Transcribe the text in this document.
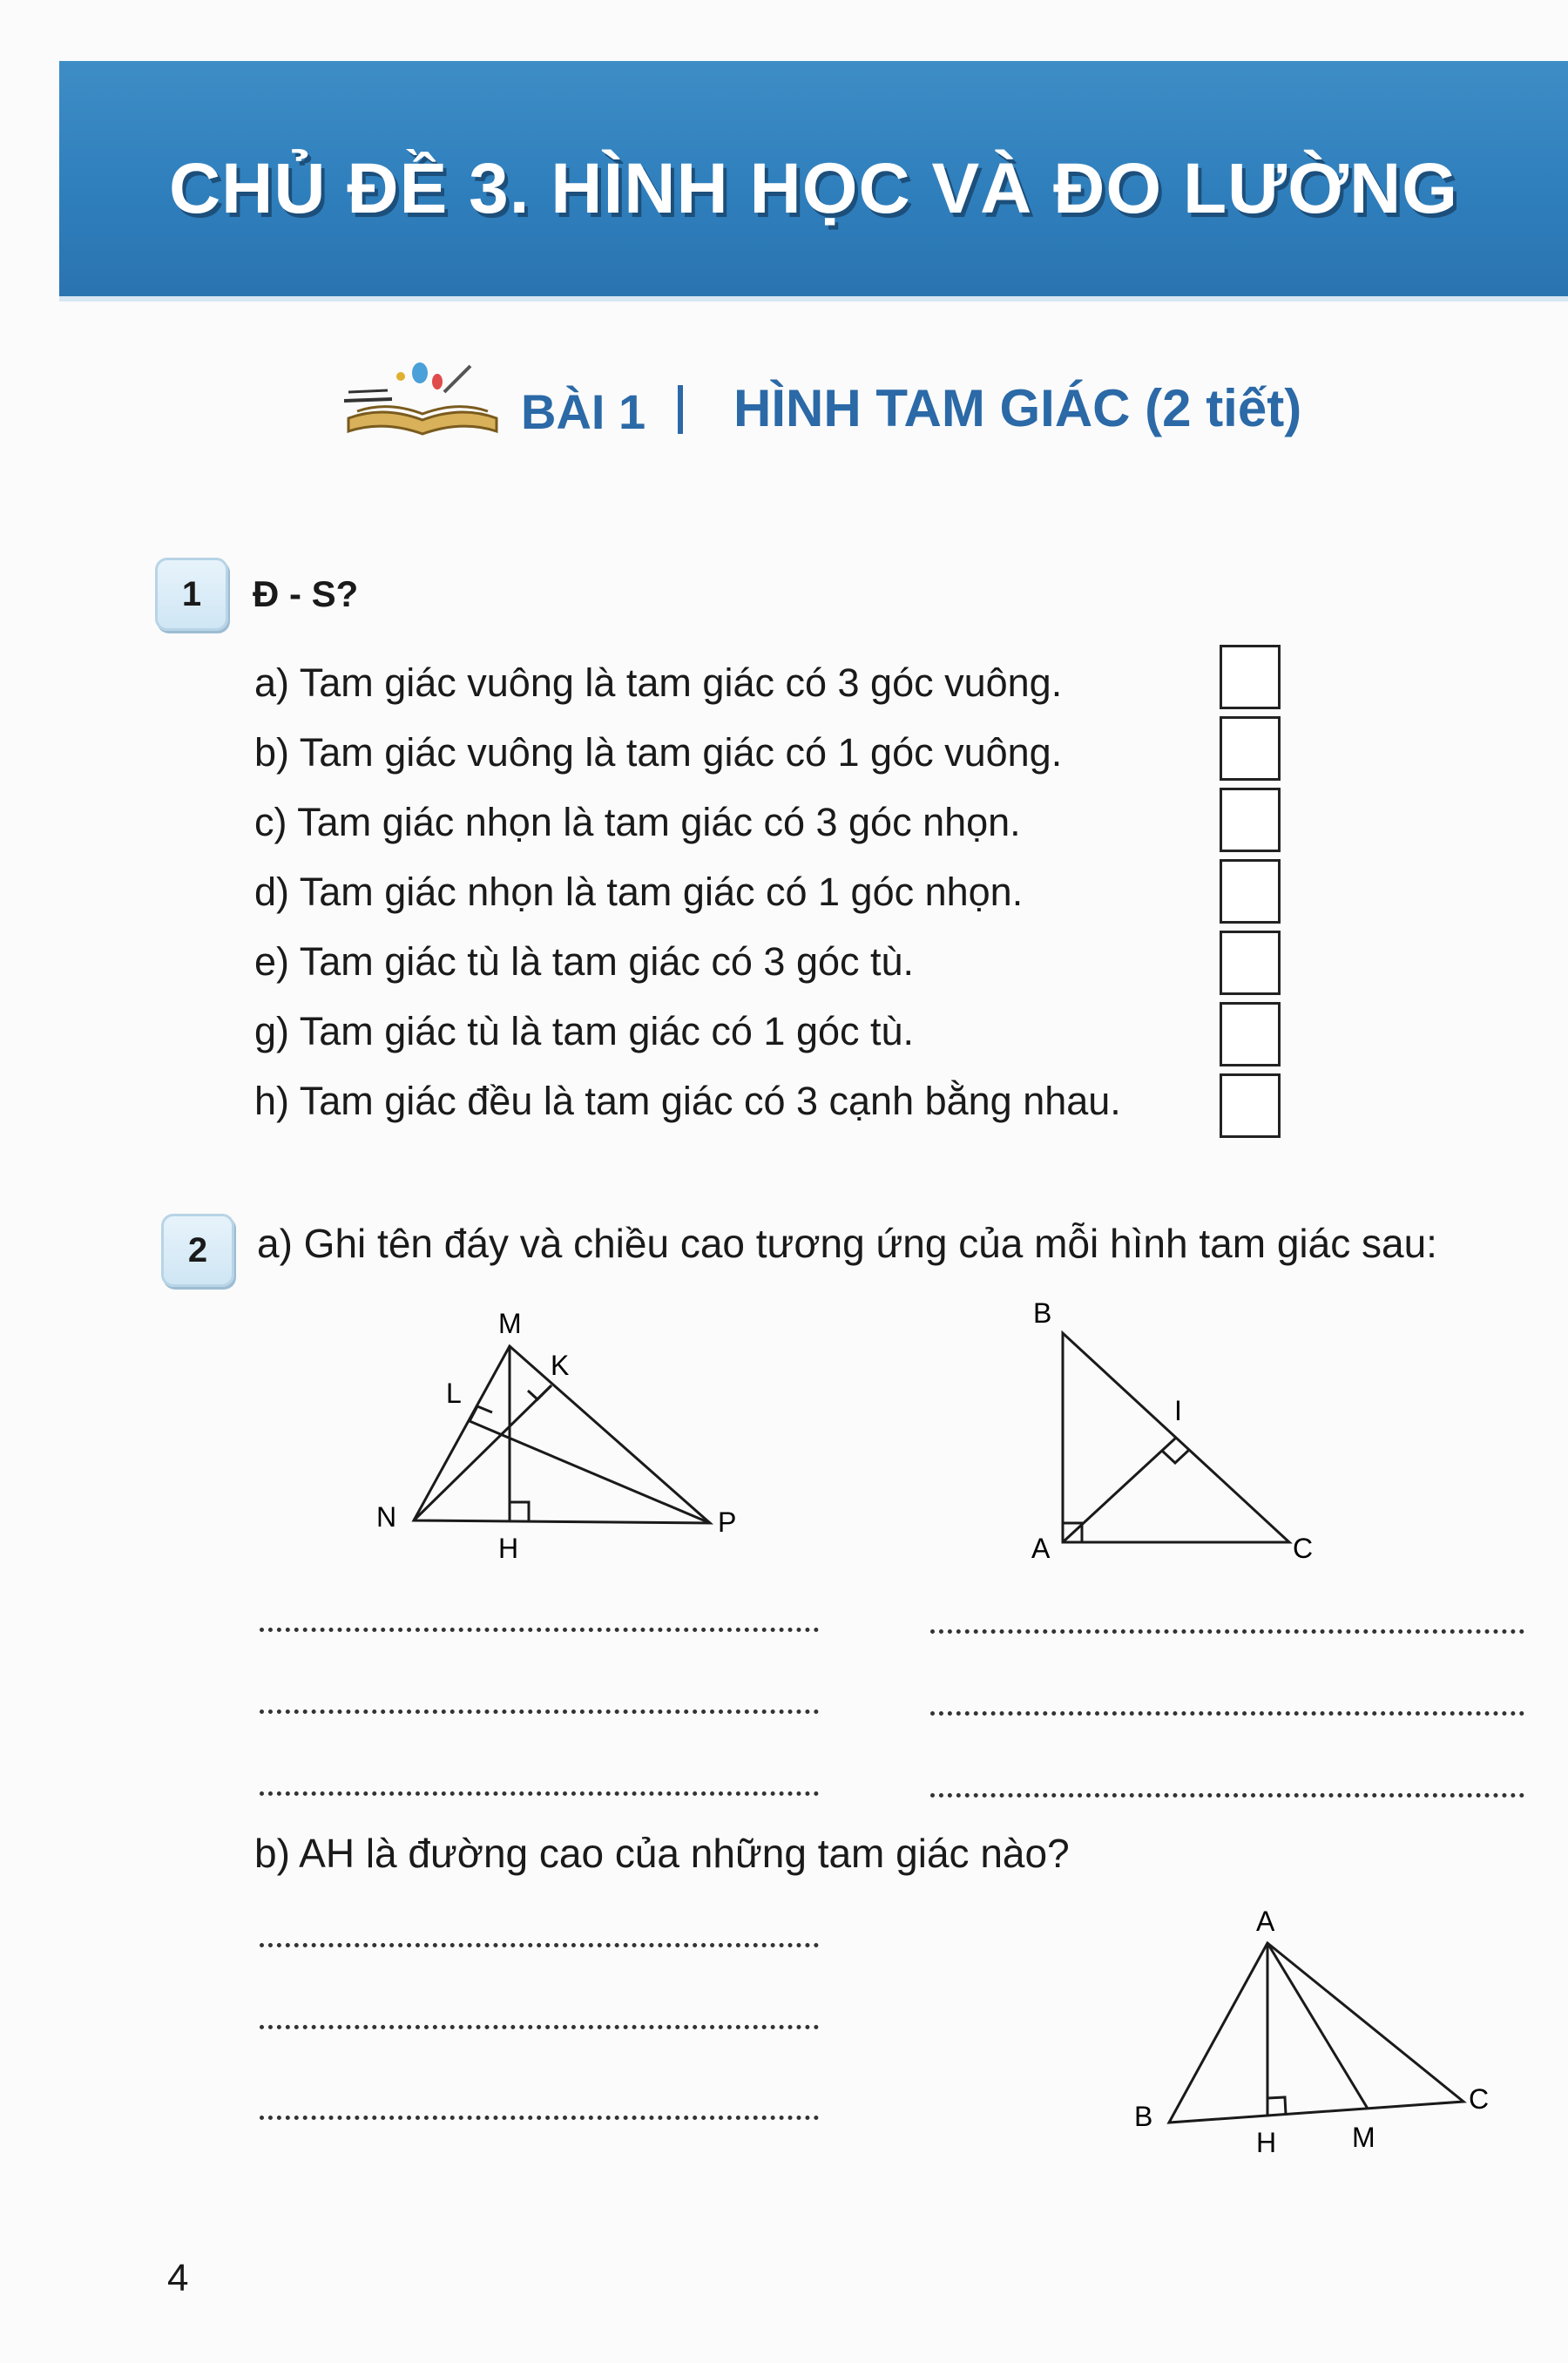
CHỦ ĐỀ 3. HÌNH HỌC VÀ ĐO LƯỜNG
BÀI 1 HÌNH TAM GIÁC (2 tiết)
1	Đ - S?
a) Tam giác vuông là tam giác có 3 góc vuông.
b) Tam giác vuông là tam giác có 1 góc vuông.
c) Tam giác nhọn là tam giác có 3 góc nhọn.
d) Tam giác nhọn là tam giác có 1 góc nhọn.
e) Tam giác tù là tam giác có 3 góc tù.
g) Tam giác tù là tam giác có 1 góc tù.
h) Tam giác đều là tam giác có 3 cạnh bằng nhau.
2	a) Ghi tên đáy và chiều cao tương ứng của mỗi hình tam giác sau:
M
K
L
N
H
P
B
I
A	C
b) AH là đường cao của những tam giác nào?
A
B
H	M
C
4
